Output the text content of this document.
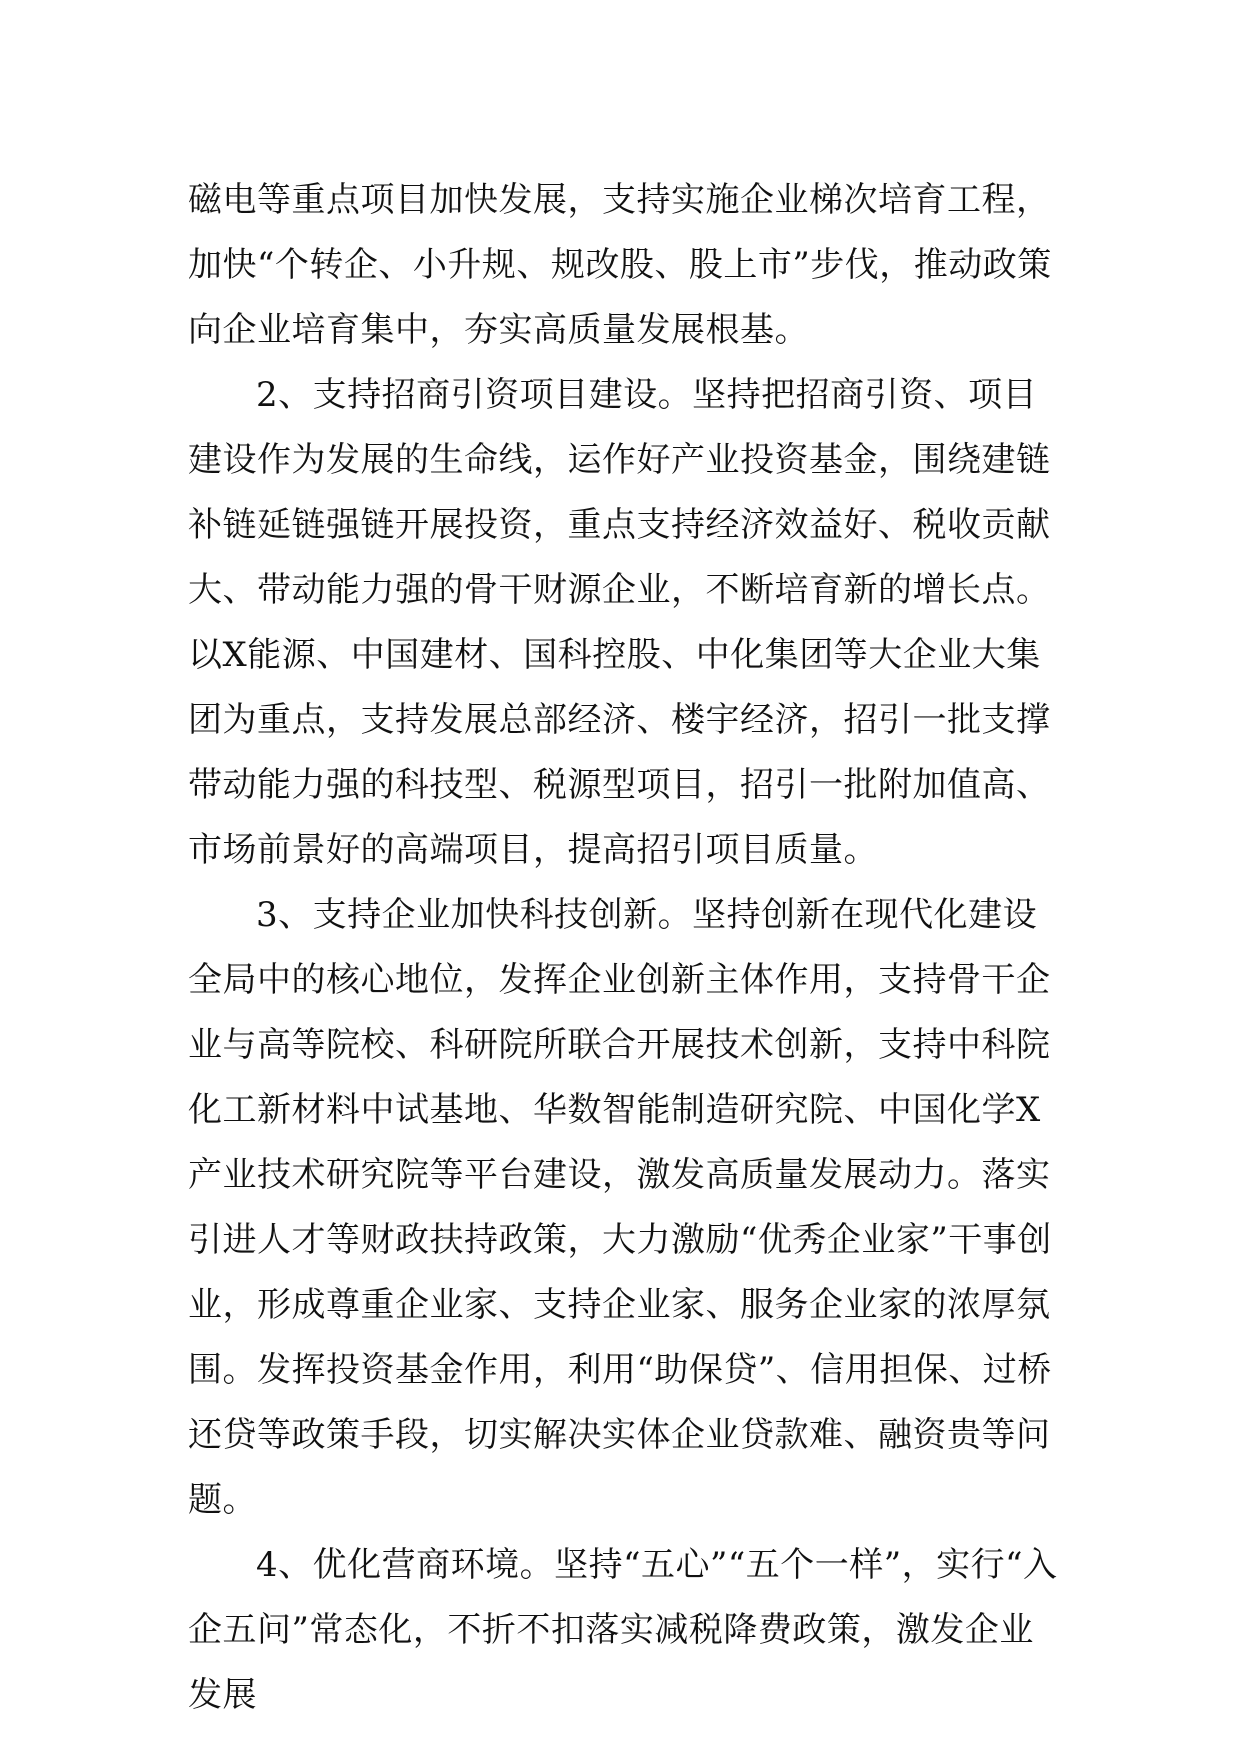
磁电等重点项目加快发展，支持实施企业梯次培育工程，加快“个转企、小升规、规改股、股上市”步伐，推动政策向企业培育集中，夯实高质量发展根基。

2、支持招商引资项目建设。坚持把招商引资、项目建设作为发展的生命线，运作好产业投资基金，围绕建链补链延链强链开展投资，重点支持经济效益好、税收贡献大、带动能力强的骨干财源企业，不断培育新的增长点。以X能源、中国建材、国科控股、中化集团等大企业大集团为重点，支持发展总部经济、楼宇经济，招引一批支撑带动能力强的科技型、税源型项目，招引一批附加值高、市场前景好的高端项目，提高招引项目质量。

3、支持企业加快科技创新。坚持创新在现代化建设全局中的核心地位，发挥企业创新主体作用，支持骨干企业与高等院校、科研院所联合开展技术创新，支持中科院化工新材料中试基地、华数智能制造研究院、中国化学X产业技术研究院等平台建设，激发高质量发展动力。落实引进人才等财政扶持政策，大力激励“优秀企业家”干事创业，形成尊重企业家、支持企业家、服务企业家的浓厚氛围。发挥投资基金作用，利用“助保贷”、信用担保、过桥还贷等政策手段，切实解决实体企业贷款难、融资贵等问题。

4、优化营商环境。坚持“五心”“五个一样”，实行“入企五问”常态化，不折不扣落实减税降费政策，激发企业发展
